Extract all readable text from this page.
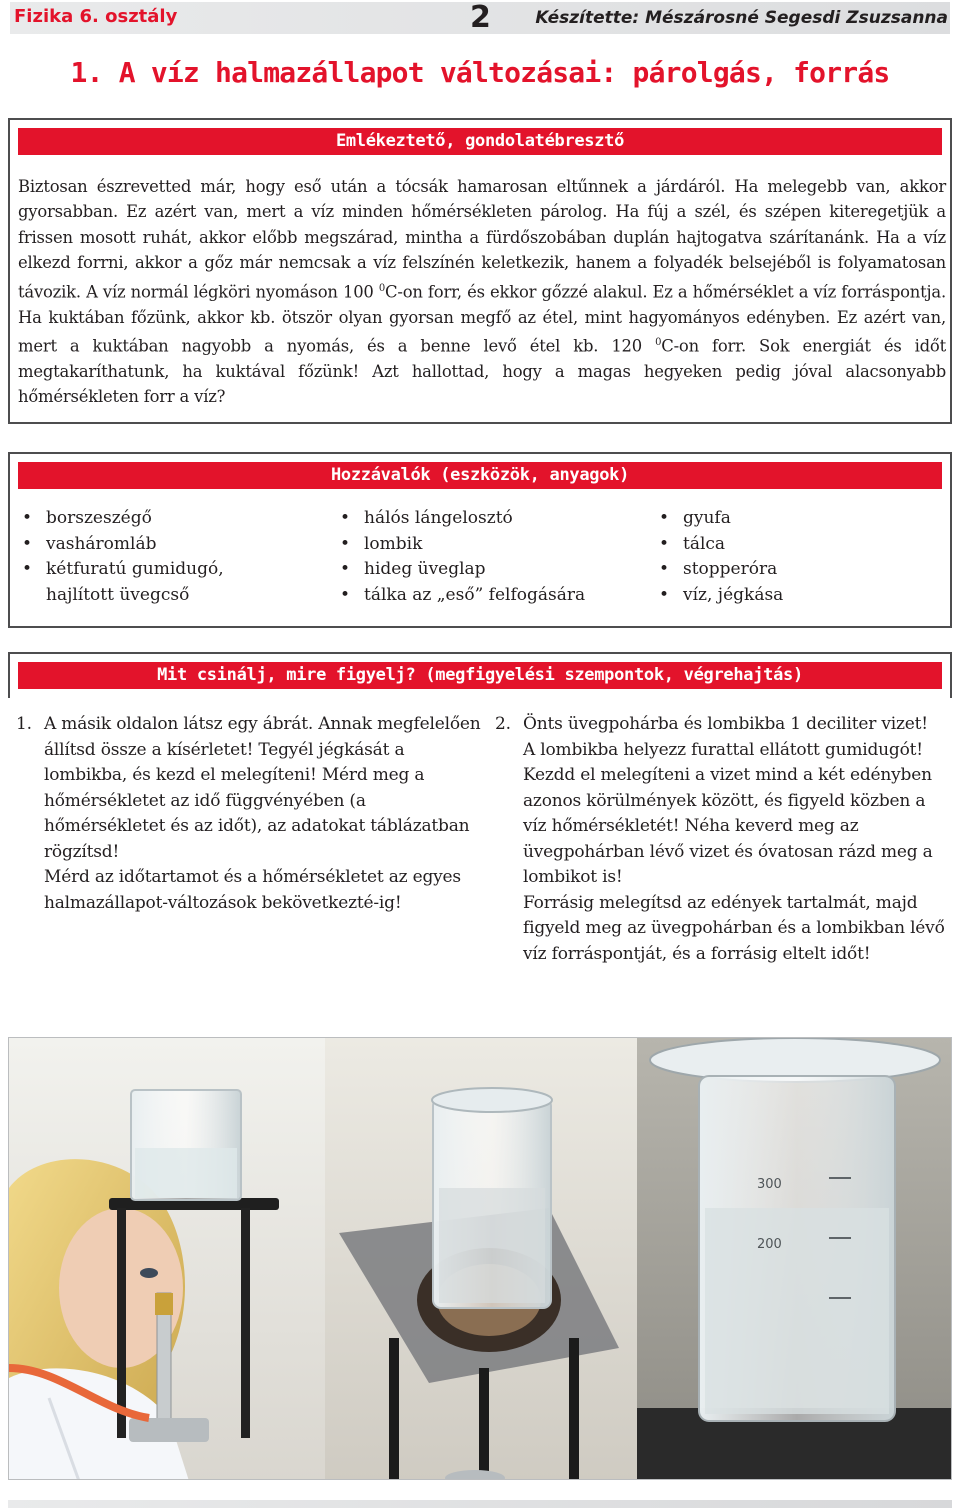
Fizika 6. osztály	2	Készítette: Mészárosné Segesdi Zsuzsanna
1. A víz halmazállapot változásai: párolgás, forrás
Emlékeztető, gondolatébresztő

Biztosan észrevetted már, hogy eső után a tócsák hamarosan eltűnnek a járdáról. Ha melegebb van, akkor gyorsabban. Ez azért van, mert a víz minden hőmérsékleten párolog. Ha fúj a szél, és szépen kiteregetjük a frissen mosott ruhát, akkor előbb megszárad, mintha a fürdőszobában duplán hajtogatva szárítanánk. Ha a víz elkezd forrni, akkor a gőz már nemcsak a víz felszínén keletkezik, hanem a folyadék belsejéből is folyamatosan távozik. A víz normál légköri nyomáson 100 $^0$C-on forr, és ekkor gőzzé alakul. Ez a hőmérséklet a víz forráspontja. Ha kuktában főzünk, akkor kb. ötször olyan gyorsan megfő az étel, mint hagyományos edényben. Ez azért van, mert a kuktában nagyobb a nyomás, és a benne levő étel kb. 120 $^0$C-on forr. Sok energiát és időt megtakaríthatunk, ha kuktával főzünk! Azt hallottad, hogy a magas hegyeken pedig jóval alacsonyabb hőmérsékleten forr a víz?

Hozzávalók (eszközök, anyagok)
• borszeszégő
• vasháromláb
• kétfuratú gumidugó,
hajlított üvegcső
• hálós lángelosztó
• lombik
• hideg üveglap
• tálka az „eső” felfogására
• gyufa
• tálca
• stopperóra
• víz, jégkása
Mit csinálj, mire figyelj? (megfigyelési szempontok, végrehajtás)
1. A másik oldalon látsz egy ábrát. Annak megfelelően állítsd össze a kísérletet! Tegyél jégkását a lombikba, és kezd el melegíteni! Mérd meg a hőmérsékletet az idő függvényében (a hőmérsékletet és az időt), az adatokat táblázatban rögzítsd!

Mérd az időtartamot és a hőmérsékletet az egyes halmazállapot-változások bekövetkezté-ig!

2. Önts üvegpohárba és lombikba 1 deciliter vizet! A lombikba helyezz furattal ellátott gumidugót! Kezdd el melegíteni a vizet mind a két edényben azonos körülmények között, és figyeld közben a víz hőmérsékletét! Néha keverd meg az üvegpohárban lévő vizet és óvatosan rázd meg a lombikot is!

Forrásig melegítsd az edények tartalmát, majd figyeld meg az üvegpohárban és a lombikban lévő víz forráspontját, és a forrásig eltelt időt!

300
200
